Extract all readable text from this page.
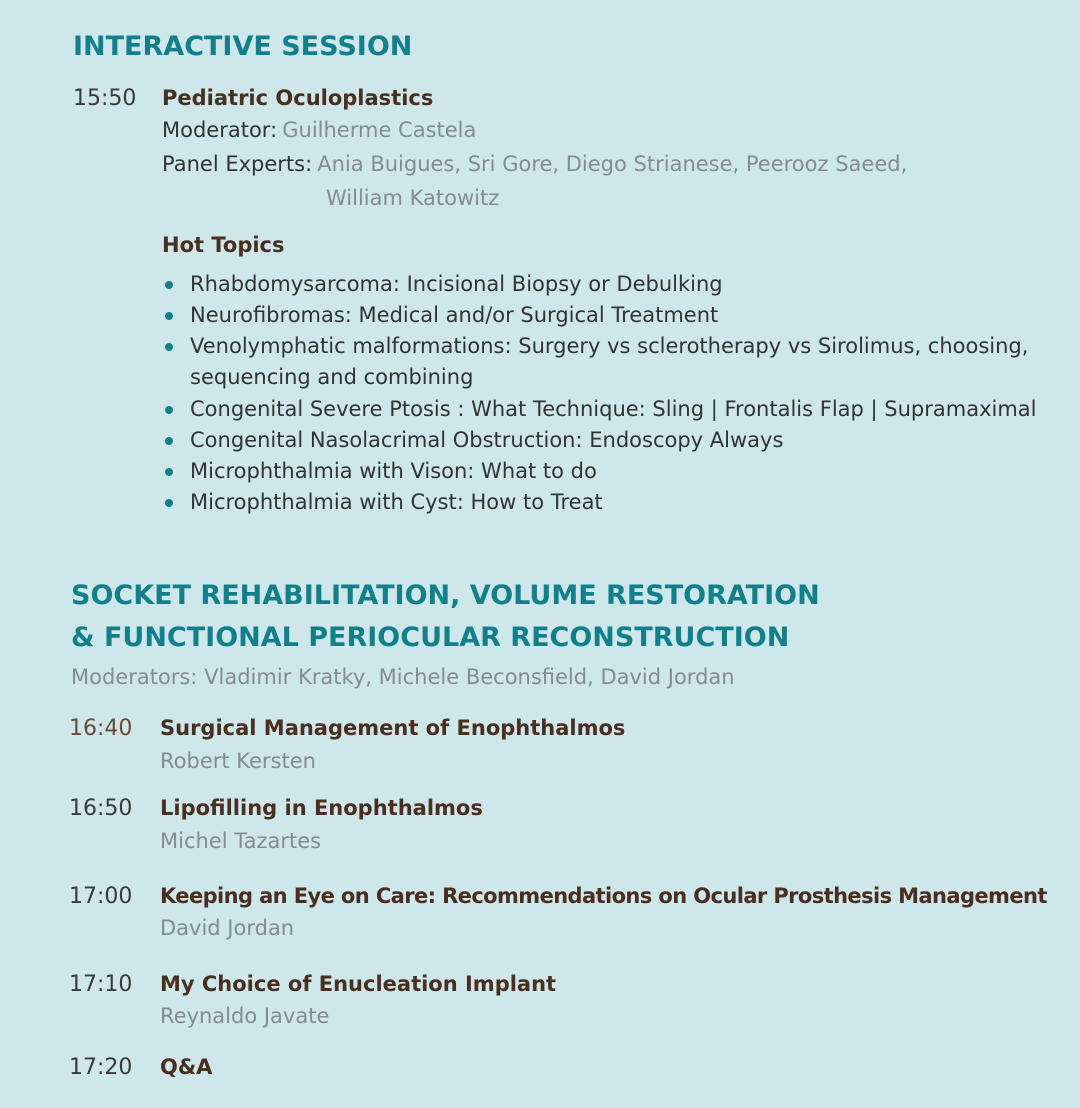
INTERACTIVE SESSION
15:50 Pediatric Oculoplastics
Moderator: Guilherme Castela
Panel Experts: Ania Buigues, Sri Gore, Diego Strianese, Peerooz Saeed,
William Katowitz
Hot Topics
Rhabdomysarcoma: Incisional Biopsy or Debulking
Neurofibromas: Medical and/or Surgical Treatment
Venolymphatic malformations: Surgery vs sclerotherapy vs Sirolimus, choosing,
sequencing and combining
Congenital Severe Ptosis : What Technique: Sling | Frontalis Flap | Supramaximal
Congenital Nasolacrimal Obstruction: Endoscopy Always
Microphthalmia with Vison: What to do
Microphthalmia with Cyst: How to Treat
SOCKET REHABILITATION, VOLUME RESTORATION
& FUNCTIONAL PERIOCULAR RECONSTRUCTION
Moderators: Vladimir Kratky, Michele Beconsfield, David Jordan
16:40 Surgical Management of Enophthalmos
Robert Kersten
16:50 Lipofilling in Enophthalmos
Michel Tazartes
17:00 Keeping an Eye on Care: Recommendations on Ocular Prosthesis Management
David Jordan
17:10 My Choice of Enucleation Implant
Reynaldo Javate
17:20 Q&A
